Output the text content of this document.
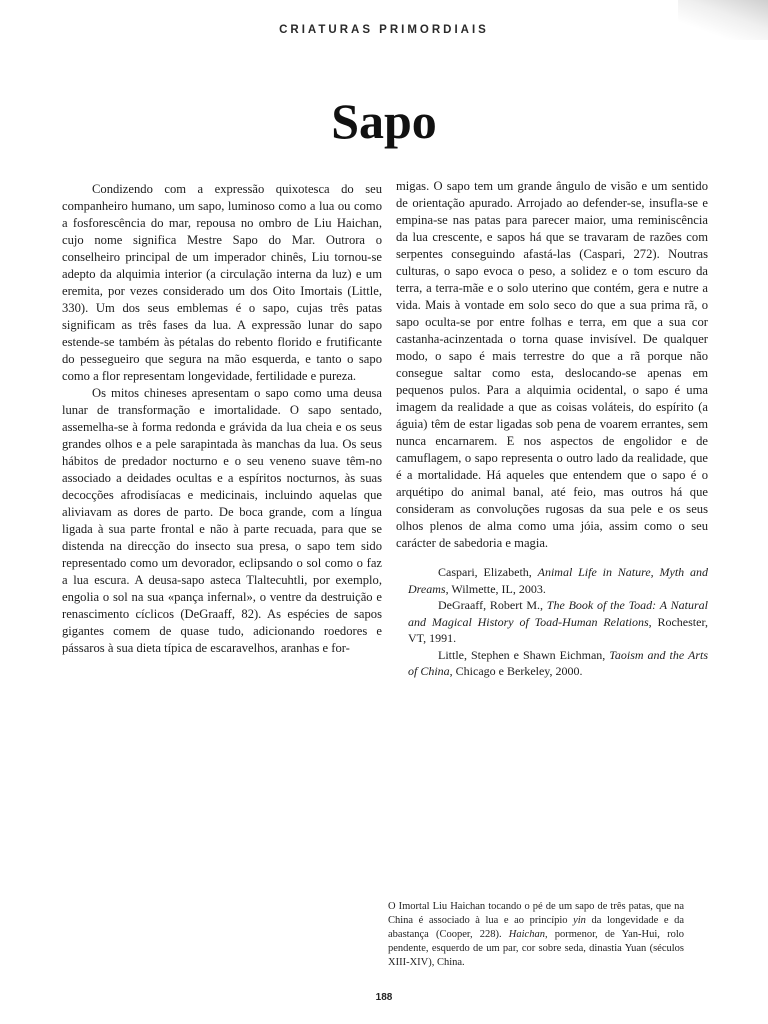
CRIATURAS PRIMORDIAIS
Sapo

Condizendo com a expressão quixotesca do seu companheiro humano, um sapo, luminoso como a lua ou como a fosforescência do mar, repousa no ombro de Liu Haichan, cujo nome significa Mestre Sapo do Mar. Outrora o conselheiro principal de um imperador chinês, Liu tornou-se adepto da alquimia interior (a circulação interna da luz) e um eremita, por vezes considerado um dos Oito Imortais (Little, 330). Um dos seus emblemas é o sapo, cujas três patas significam as três fases da lua. A expressão lunar do sapo estende-se também às pétalas do rebento florido e frutificante do pessegueiro que segura na mão esquerda, e tanto o sapo como a flor representam longevidade, fertilidade e pureza.

Os mitos chineses apresentam o sapo como uma deusa lunar de transformação e imortalidade. O sapo sentado, assemelha-se à forma redonda e grávida da lua cheia e os seus grandes olhos e a pele sarapintada às manchas da lua. Os seus hábitos de predador nocturno e o seu veneno suave têm-no associado a deidades ocultas e a espíritos nocturnos, às suas decocções afrodisíacas e medicinais, incluindo aquelas que aliviavam as dores de parto. De boca grande, com a língua ligada à sua parte frontal e não à parte recuada, para que se distenda na direcção do insecto sua presa, o sapo tem sido representado como um devorador, eclipsando o sol como o faz a lua escura. A deusa-sapo asteca Tlaltecuhtli, por exemplo, engolia o sol na sua «pança infernal», o ventre da destruição e renascimento cíclicos (DeGraaff, 82). As espécies de sapos gigantes comem de quase tudo, adicionando roedores e pássaros à sua dieta típica de escaravelhos, aranhas e for-

migas. O sapo tem um grande ângulo de visão e um sentido de orientação apurado. Arrojado ao defender-se, insufla-se e empina-se nas patas para parecer maior, uma reminiscência da lua crescente, e sapos há que se travaram de razões com serpentes conseguindo afastá-las (Caspari, 272). Noutras culturas, o sapo evoca o peso, a solidez e o tom escuro da terra, a terra-mãe e o solo uterino que contém, gera e nutre a vida. Mais à vontade em solo seco do que a sua prima rã, o sapo oculta-se por entre folhas e terra, em que a sua cor castanha-acinzentada o torna quase invisível. De qualquer modo, o sapo é mais terrestre do que a rã porque não consegue saltar como esta, deslocando-se apenas em pequenos pulos. Para a alquimia ocidental, o sapo é uma imagem da realidade a que as coisas voláteis, do espírito (a águia) têm de estar ligadas sob pena de voarem errantes, sem nunca encarnarem. E nos aspectos de engolidor e de camuflagem, o sapo representa o outro lado da realidade, que é a mortalidade. Há aqueles que entendem que o sapo é o arquétipo do animal banal, até feio, mas outros há que consideram as convoluções rugosas da sua pele e os seus olhos plenos de alma como uma jóia, assim como o seu carácter de sabedoria e magia.

Caspari, Elizabeth, Animal Life in Nature, Myth and Dreams, Wilmette, IL, 2003.

DeGraaff, Robert M., The Book of the Toad: A Natural and Magical History of Toad-Human Relations, Rochester, VT, 1991.

Little, Stephen e Shawn Eichman, Taoism and the Arts of China, Chicago e Berkeley, 2000.

O Imortal Liu Haichan tocando o pé de um sapo de três patas, que na China é associado à lua e ao princípio yin da longevidade e da abastança (Cooper, 228). Haichan, pormenor, de Yan-Hui, rolo pendente, esquerdo de um par, cor sobre seda, dinastia Yuan (séculos XIII-XIV), China.
188
